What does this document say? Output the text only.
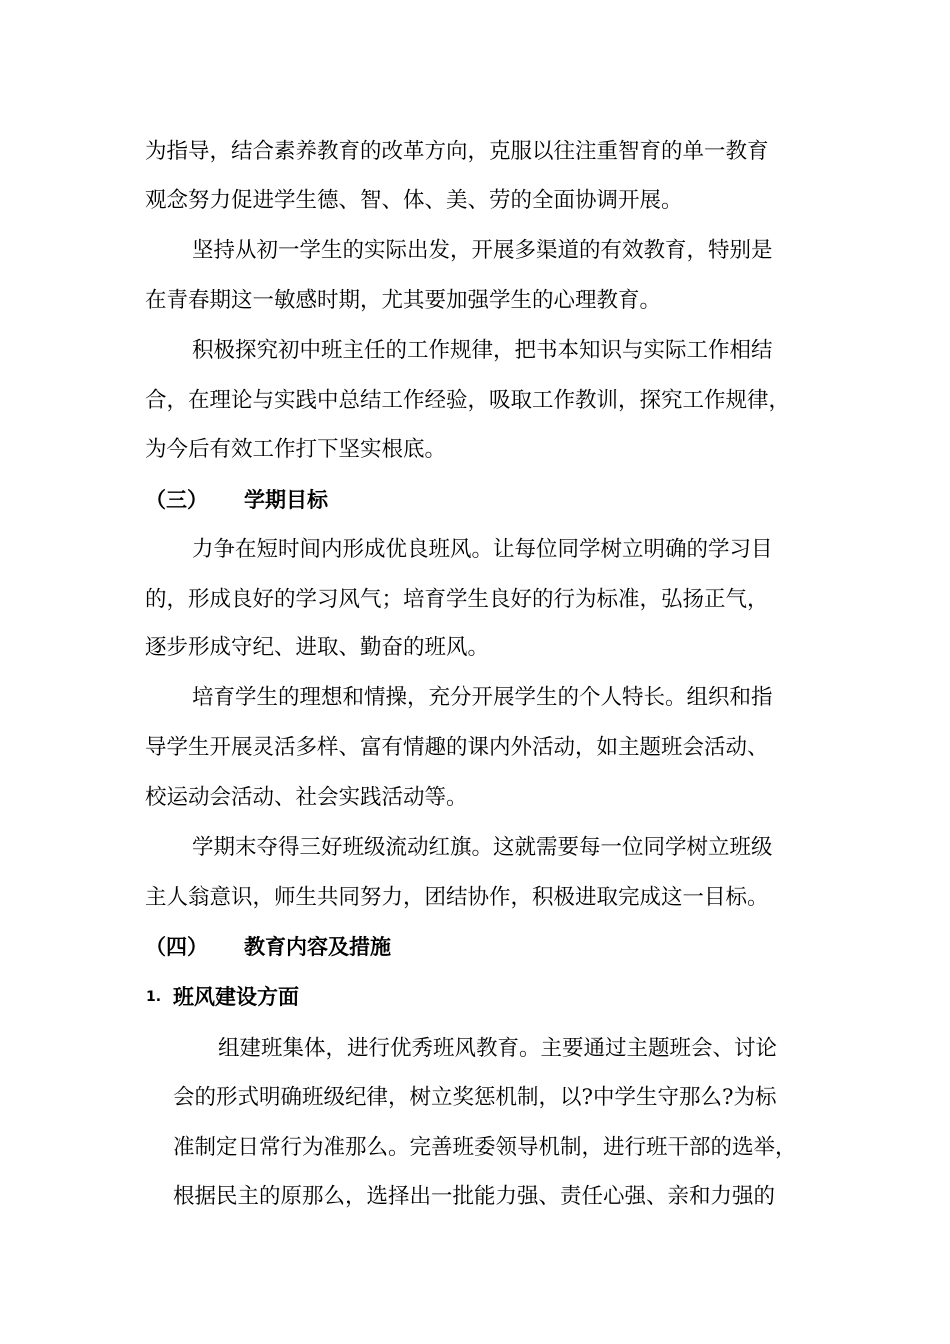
为指导，结合素养教育的改革方向，克服以往注重智育的单一教育
观念努力促进学生德、智、体、美、劳的全面协调开展。
坚持从初一学生的实际出发，开展多渠道的有效教育，特别是
在青春期这一敏感时期，尤其要加强学生的心理教育。
积极探究初中班主任的工作规律，把书本知识与实际工作相结
合，在理论与实践中总结工作经验，吸取工作教训，探究工作规律，
为今后有效工作打下坚实根底。
（三） 学期目标
力争在短时间内形成优良班风。让每位同学树立明确的学习目
的，形成良好的学习风气；培育学生良好的行为标准，弘扬正气，
逐步形成守纪、进取、勤奋的班风。
培育学生的理想和情操，充分开展学生的个人特长。组织和指
导学生开展灵活多样、富有情趣的课内外活动，如主题班会活动、
校运动会活动、社会实践活动等。
学期末夺得三好班级流动红旗。这就需要每一位同学树立班级
主人翁意识，师生共同努力，团结协作，积极进取完成这一目标。
（四） 教育内容及措施
1. 班风建设方面
组建班集体，进行优秀班风教育。主要通过主题班会、讨论
会的形式明确班级纪律，树立奖惩机制，以?中学生守那么?为标
准制定日常行为准那么。完善班委领导机制，进行班干部的选举，
根据民主的原那么，选择出一批能力强、责任心强、亲和力强的
